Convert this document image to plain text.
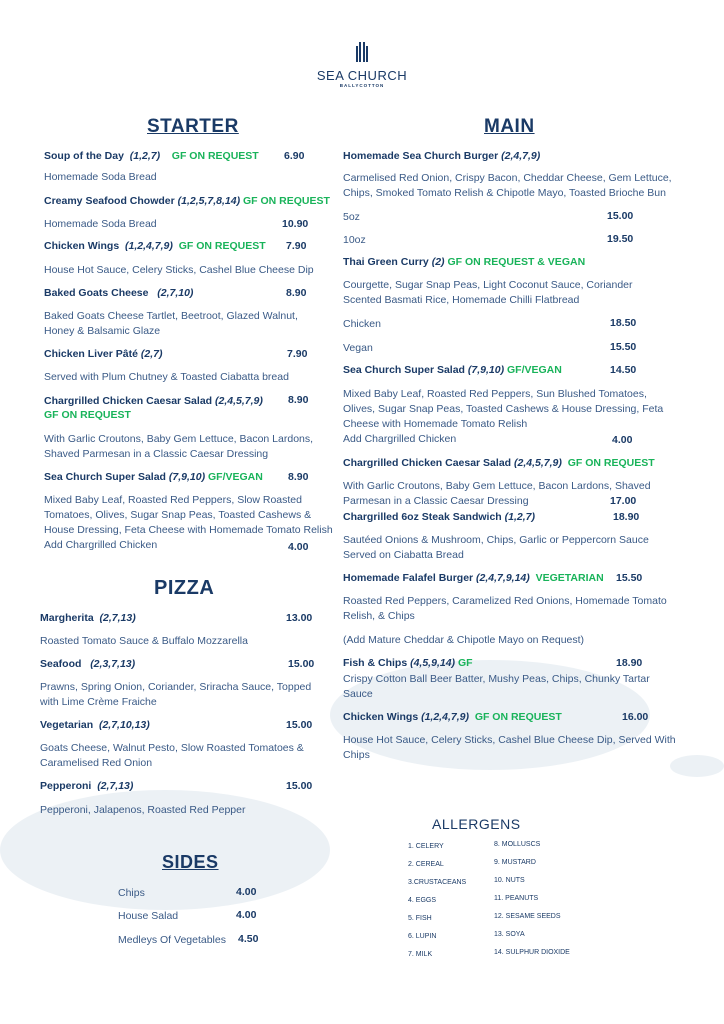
SEA CHURCH
BALLYCOTTON
STARTER
Soup of the Day (1,2,7) GF ON REQUEST 6.90
Homemade Soda Bread
Creamy Seafood Chowder (1,2,5,7,8,14) GF ON REQUEST
Homemade Soda Bread	10.90
Chicken Wings (1,2,4,7,9) GF ON REQUEST 7.90
House Hot Sauce, Celery Sticks, Cashel Blue Cheese Dip
Baked Goats Cheese (2,7,10)	8.90
Baked Goats Cheese Tartlet, Beetroot, Glazed Walnut,
Honey & Balsamic Glaze
Chicken Liver Pâté (2,7)	7.90
Served with Plum Chutney & Toasted Ciabatta bread
Chargrilled Chicken Caesar Salad (2,4,5,7,9)
GF ON REQUEST
8.90
With Garlic Croutons, Baby Gem Lettuce, Bacon Lardons,
Shaved Parmesan in a Classic Caesar Dressing
Sea Church Super Salad (7,9,10) GF/VEGAN 8.90
Mixed Baby Leaf, Roasted Red Peppers, Slow Roasted
Tomatoes, Olives, Sugar Snap Peas, Toasted Cashews &
House Dressing, Feta Cheese with Homemade Tomato Relish
Add Chargrilled Chicken	4.00
PIZZA
Margherita (2,7,13)	13.00
Roasted Tomato Sauce & Buffalo Mozzarella
Seafood (2,3,7,13)	15.00
Prawns, Spring Onion, Coriander, Sriracha Sauce, Topped
with Lime Crème Fraiche
Vegetarian (2,7,10,13)	15.00
Goats Cheese, Walnut Pesto, Slow Roasted Tomatoes &
Caramelised Red Onion
Pepperoni (2,7,13)	15.00
Pepperoni, Jalapenos, Roasted Red Pepper
SIDES
Chips	4.00
House Salad	4.00
Medleys Of Vegetables 4.50
MAIN
Homemade Sea Church Burger (2,4,7,9)
Carmelised Red Onion, Crispy Bacon, Cheddar Cheese, Gem Lettuce,
Chips, Smoked Tomato Relish & Chipotle Mayo, Toasted Brioche Bun
5oz	15.00
10oz	19.50
Thai Green Curry (2) GF ON REQUEST & VEGAN
Courgette, Sugar Snap Peas, Light Coconut Sauce, Coriander
Scented Basmati Rice, Homemade Chilli Flatbread
Chicken	18.50
Vegan	15.50
Sea Church Super Salad (7,9,10) GF/VEGAN	14.50
Mixed Baby Leaf, Roasted Red Peppers, Sun Blushed Tomatoes,
Olives, Sugar Snap Peas, Toasted Cashews & House Dressing, Feta
Cheese with Homemade Tomato Relish
Add Chargrilled Chicken	4.00
Chargrilled Chicken Caesar Salad (2,4,5,7,9) GF ON REQUEST
With Garlic Croutons, Baby Gem Lettuce, Bacon Lardons, Shaved
Parmesan in a Classic Caesar Dressing	17.00
Chargrilled 6oz Steak Sandwich (1,2,7)	18.90
Sautéed Onions & Mushroom, Chips, Garlic or Peppercorn Sauce
Served on Ciabatta Bread
Homemade Falafel Burger (2,4,7,9,14) VEGETARIAN 15.50
Roasted Red Peppers, Caramelized Red Onions, Homemade Tomato
Relish, & Chips
(Add Mature Cheddar & Chipotle Mayo on Request)
Fish & Chips (4,5,9,14) GF	18.90
Crispy Cotton Ball Beer Batter, Mushy Peas, Chips, Chunky Tartar
Sauce
Chicken Wings (1,2,4,7,9) GF ON REQUEST	16.00
House Hot Sauce, Celery Sticks, Cashel Blue Cheese Dip, Served With
Chips
ALLERGENS
1. CELERY
2. CEREAL
3.CRUSTACEANS
4. EGGS
5. FISH
6. LUPIN
7. MILK
8. MOLLUSCS
9. MUSTARD
10. NUTS
11. PEANUTS
12. SESAME SEEDS
13. SOYA
14. SULPHUR DIOXIDE
